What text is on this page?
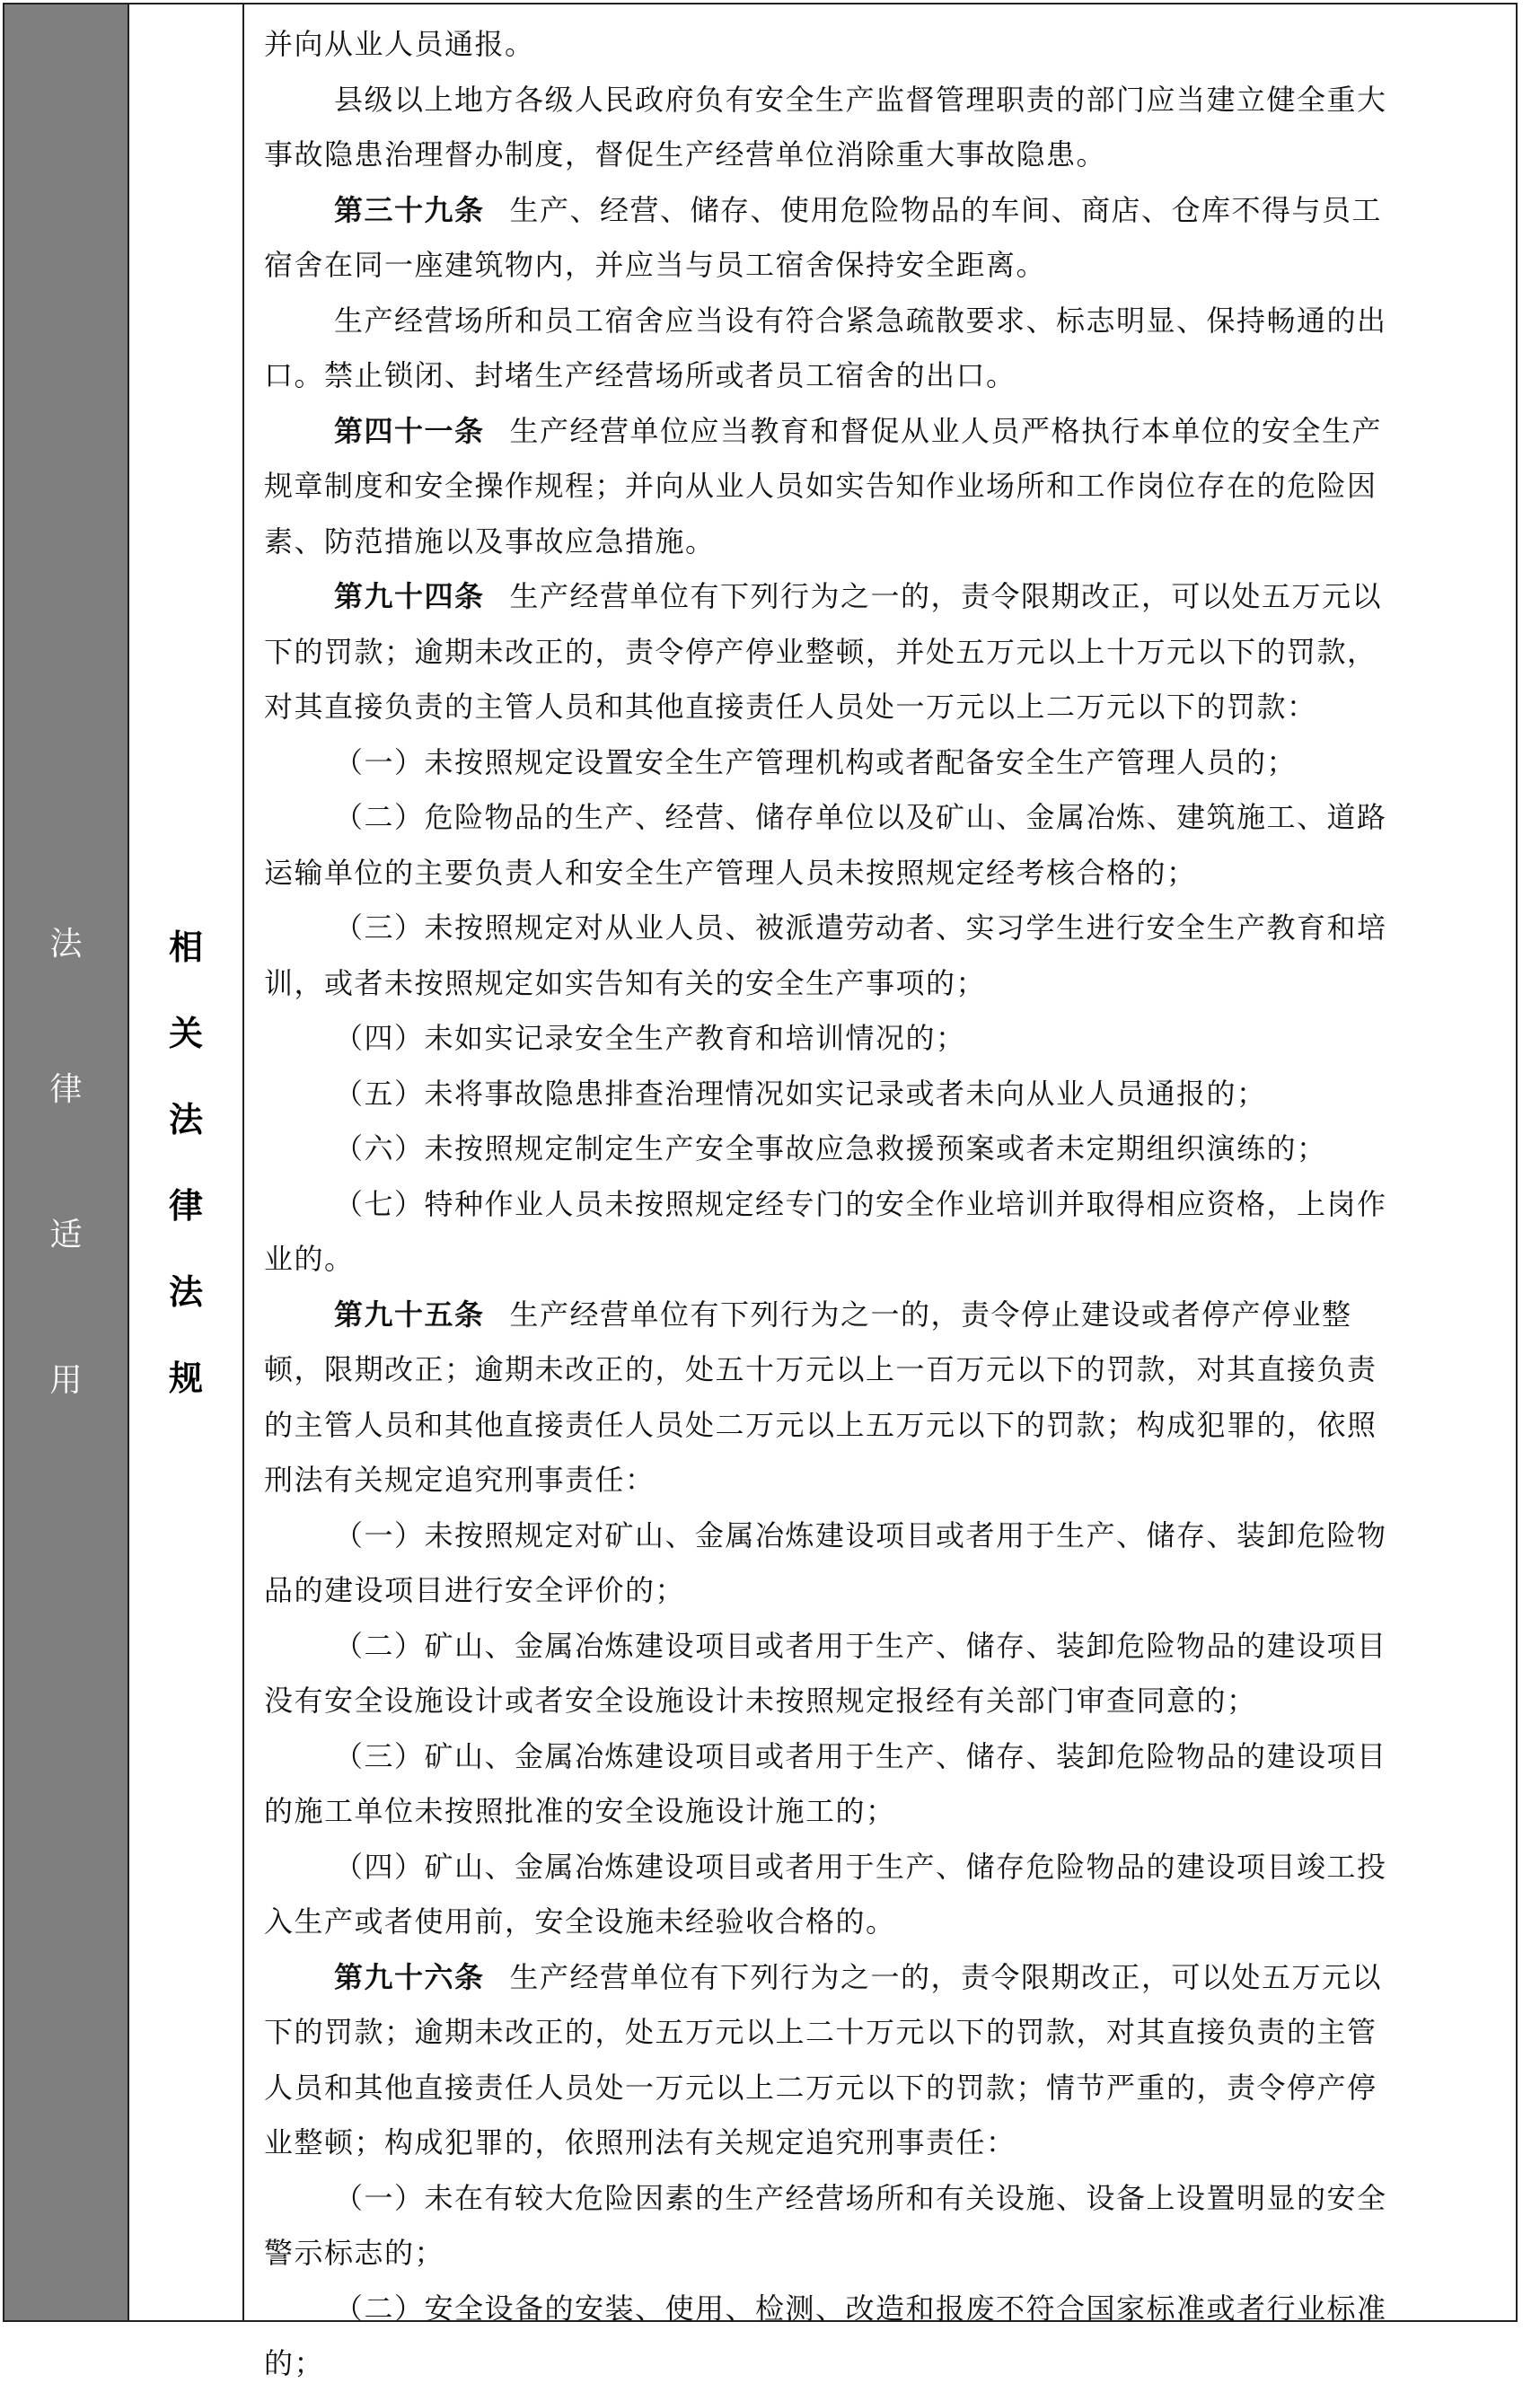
法
律
适
用
相
关
法
律
法
规
并向从业人员通报。
县级以上地方各级人民政府负有安全生产监督管理职责的部门应当建立健全重大
事故隐患治理督办制度，督促生产经营单位消除重大事故隐患。
第三十九条 生产、经营、储存、使用危险物品的车间、商店、仓库不得与员工
宿舍在同一座建筑物内，并应当与员工宿舍保持安全距离。
生产经营场所和员工宿舍应当设有符合紧急疏散要求、标志明显、保持畅通的出
口。禁止锁闭、封堵生产经营场所或者员工宿舍的出口。
第四十一条 生产经营单位应当教育和督促从业人员严格执行本单位的安全生产
规章制度和安全操作规程；并向从业人员如实告知作业场所和工作岗位存在的危险因
素、防范措施以及事故应急措施。
第九十四条 生产经营单位有下列行为之一的，责令限期改正，可以处五万元以
下的罚款；逾期未改正的，责令停产停业整顿，并处五万元以上十万元以下的罚款，
对其直接负责的主管人员和其他直接责任人员处一万元以上二万元以下的罚款：
（一）未按照规定设置安全生产管理机构或者配备安全生产管理人员的；
（二）危险物品的生产、经营、储存单位以及矿山、金属冶炼、建筑施工、道路
运输单位的主要负责人和安全生产管理人员未按照规定经考核合格的；
（三）未按照规定对从业人员、被派遣劳动者、实习学生进行安全生产教育和培
训，或者未按照规定如实告知有关的安全生产事项的；
（四）未如实记录安全生产教育和培训情况的；
（五）未将事故隐患排查治理情况如实记录或者未向从业人员通报的；
（六）未按照规定制定生产安全事故应急救援预案或者未定期组织演练的；
（七）特种作业人员未按照规定经专门的安全作业培训并取得相应资格，上岗作
业的。
第九十五条 生产经营单位有下列行为之一的，责令停止建设或者停产停业整
顿，限期改正；逾期未改正的，处五十万元以上一百万元以下的罚款，对其直接负责
的主管人员和其他直接责任人员处二万元以上五万元以下的罚款；构成犯罪的，依照
刑法有关规定追究刑事责任：
（一）未按照规定对矿山、金属冶炼建设项目或者用于生产、储存、装卸危险物
品的建设项目进行安全评价的；
（二）矿山、金属冶炼建设项目或者用于生产、储存、装卸危险物品的建设项目
没有安全设施设计或者安全设施设计未按照规定报经有关部门审查同意的；
（三）矿山、金属冶炼建设项目或者用于生产、储存、装卸危险物品的建设项目
的施工单位未按照批准的安全设施设计施工的；
（四）矿山、金属冶炼建设项目或者用于生产、储存危险物品的建设项目竣工投
入生产或者使用前，安全设施未经验收合格的。
第九十六条 生产经营单位有下列行为之一的，责令限期改正，可以处五万元以
下的罚款；逾期未改正的，处五万元以上二十万元以下的罚款，对其直接负责的主管
人员和其他直接责任人员处一万元以上二万元以下的罚款；情节严重的，责令停产停
业整顿；构成犯罪的，依照刑法有关规定追究刑事责任：
（一）未在有较大危险因素的生产经营场所和有关设施、设备上设置明显的安全
警示标志的；
（二）安全设备的安装、使用、检测、改造和报废不符合国家标准或者行业标准
的；
